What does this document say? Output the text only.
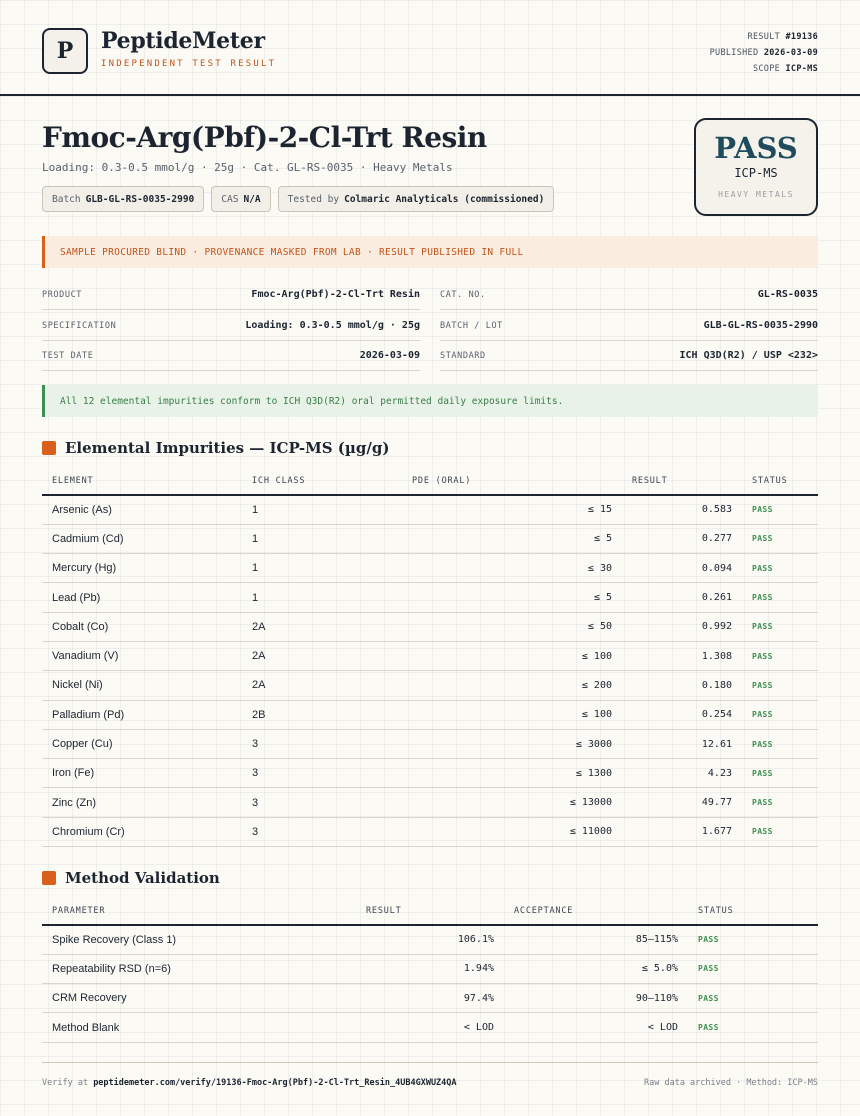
P	PeptideMeter
INDEPENDENT TEST RESULT
RESULT #19136
PUBLISHED 2026-03-09
SCOPE ICP-MS
Fmoc-Arg(Pbf)-2-Cl-Trt Resin
Loading: 0.3-0.5 mmol/g · 25g · Cat. GL-RS-0035 · Heavy Metals
Batch GLB-GL-RS-0035-2990	CAS N/A	Tested by Colmaric Analyticals (commissioned)
PASS
ICP-MS
HEAVY METALS
SAMPLE PROCURED BLIND · PROVENANCE MASKED FROM LAB · RESULT PUBLISHED IN FULL
PRODUCT	Fmoc-Arg(Pbf)-2-Cl-Trt Resin CAT. NO.	GL-RS-0035
SPECIFICATION	Loading: 0.3-0.5 mmol/g · 25g BATCH / LOT	GLB-GL-RS-0035-2990
TEST DATE	2026-03-09 STANDARD	ICH Q3D(R2) / USP <232>
All 12 elemental impurities conform to ICH Q3D(R2) oral permitted daily exposure limits.
Elemental Impurities — ICP-MS (µg/g)
ELEMENT	ICH CLASS	PDE (ORAL)	RESULT	STATUS
Arsenic (As)	1	≤ 15	0.583	PASS
Cadmium (Cd)	1	≤ 5	0.277	PASS
Mercury (Hg)	1	≤ 30	0.094	PASS
Lead (Pb)	1	≤ 5	0.261	PASS
Cobalt (Co)	2A	≤ 50	0.992	PASS
Vanadium (V)	2A	≤ 100	1.308	PASS
Nickel (Ni)	2A	≤ 200	0.180	PASS
Palladium (Pd)	2B	≤ 100	0.254	PASS
Copper (Cu)	3	≤ 3000	12.61	PASS
Iron (Fe)	3	≤ 1300	4.23	PASS
Zinc (Zn)	3	≤ 13000	49.77	PASS
Chromium (Cr)	3	≤ 11000	1.677	PASS
Method Validation
PARAMETER	RESULT	ACCEPTANCE	STATUS
Spike Recovery (Class 1)	106.1%	85–115%	PASS
Repeatability RSD (n=6)	1.94%	≤ 5.0%	PASS
CRM Recovery	97.4%	90–110%	PASS
Method Blank	< LOD	< LOD	PASS
Verify at peptidemeter.com/verify/19136-Fmoc-Arg(Pbf)-2-Cl-Trt_Resin_4UB4GXWUZ4QA	Raw data archived · Method: ICP-MS
